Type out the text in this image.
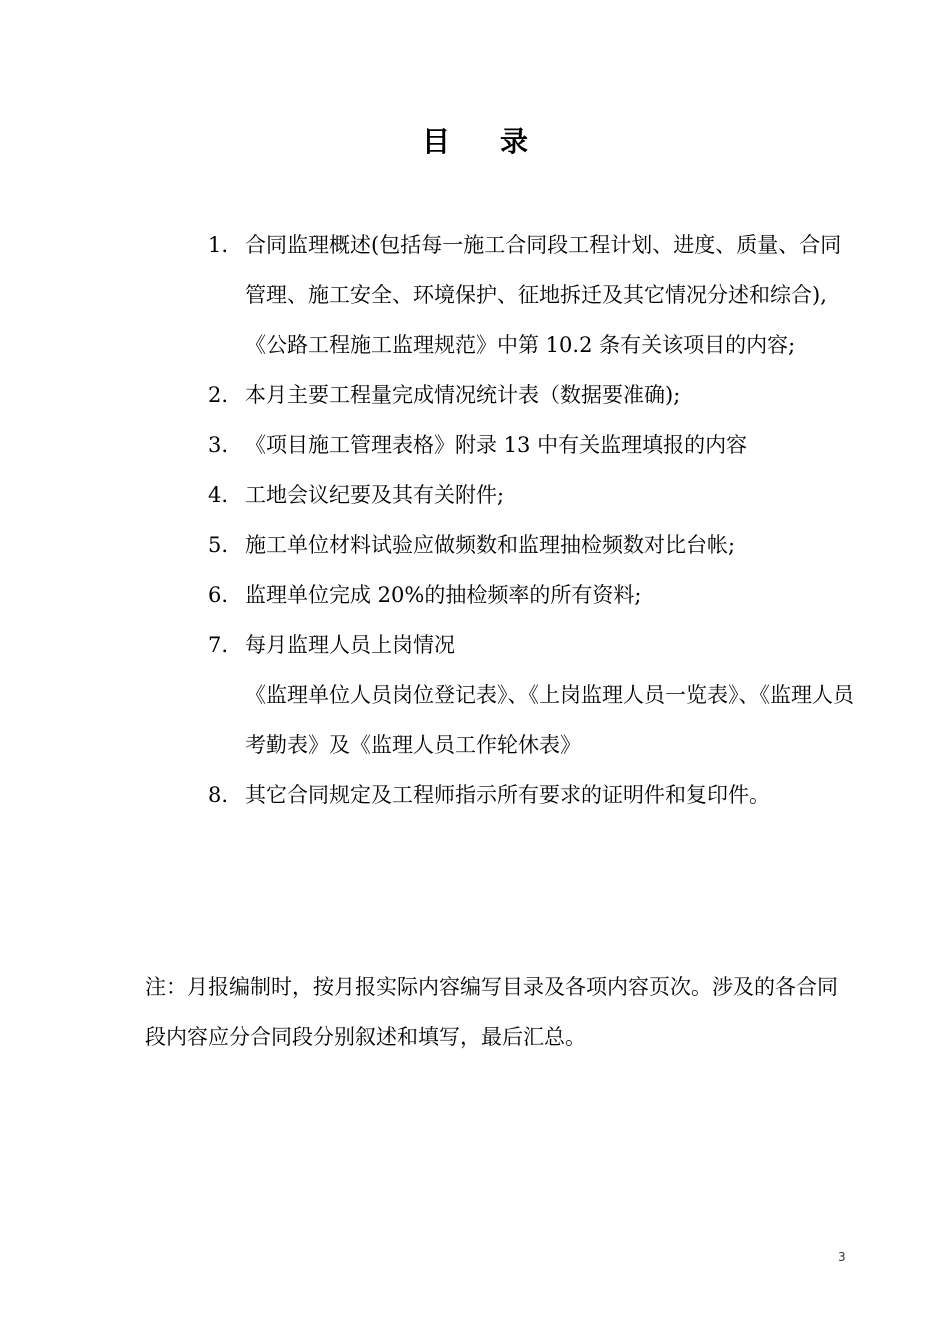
目录
1. 合同监理概述(包括每一施工合同段工程计划、进度、质量、合同管理、施工安全、环境保护、征地拆迁及其它情况分述和综合),《公路工程施工监理规范》中第 10.2 条有关该项目的内容;
2. 本月主要工程量完成情况统计表（数据要准确);
3. 《项目施工管理表格》附录 13 中有关监理填报的内容
4. 工地会议纪要及其有关附件;
5. 施工单位材料试验应做频数和监理抽检频数对比台帐;
6. 监理单位完成 20%的抽检频率的所有资料;
7. 每月监理人员上岗情况
《监理单位人员岗位登记表》、《上岗监理人员一览表》、《监理人员考勤表》及《监理人员工作轮休表》
8. 其它合同规定及工程师指示所有要求的证明件和复印件。
注：月报编制时，按月报实际内容编写目录及各项内容页次。涉及的各合同段内容应分合同段分别叙述和填写，最后汇总。
3
